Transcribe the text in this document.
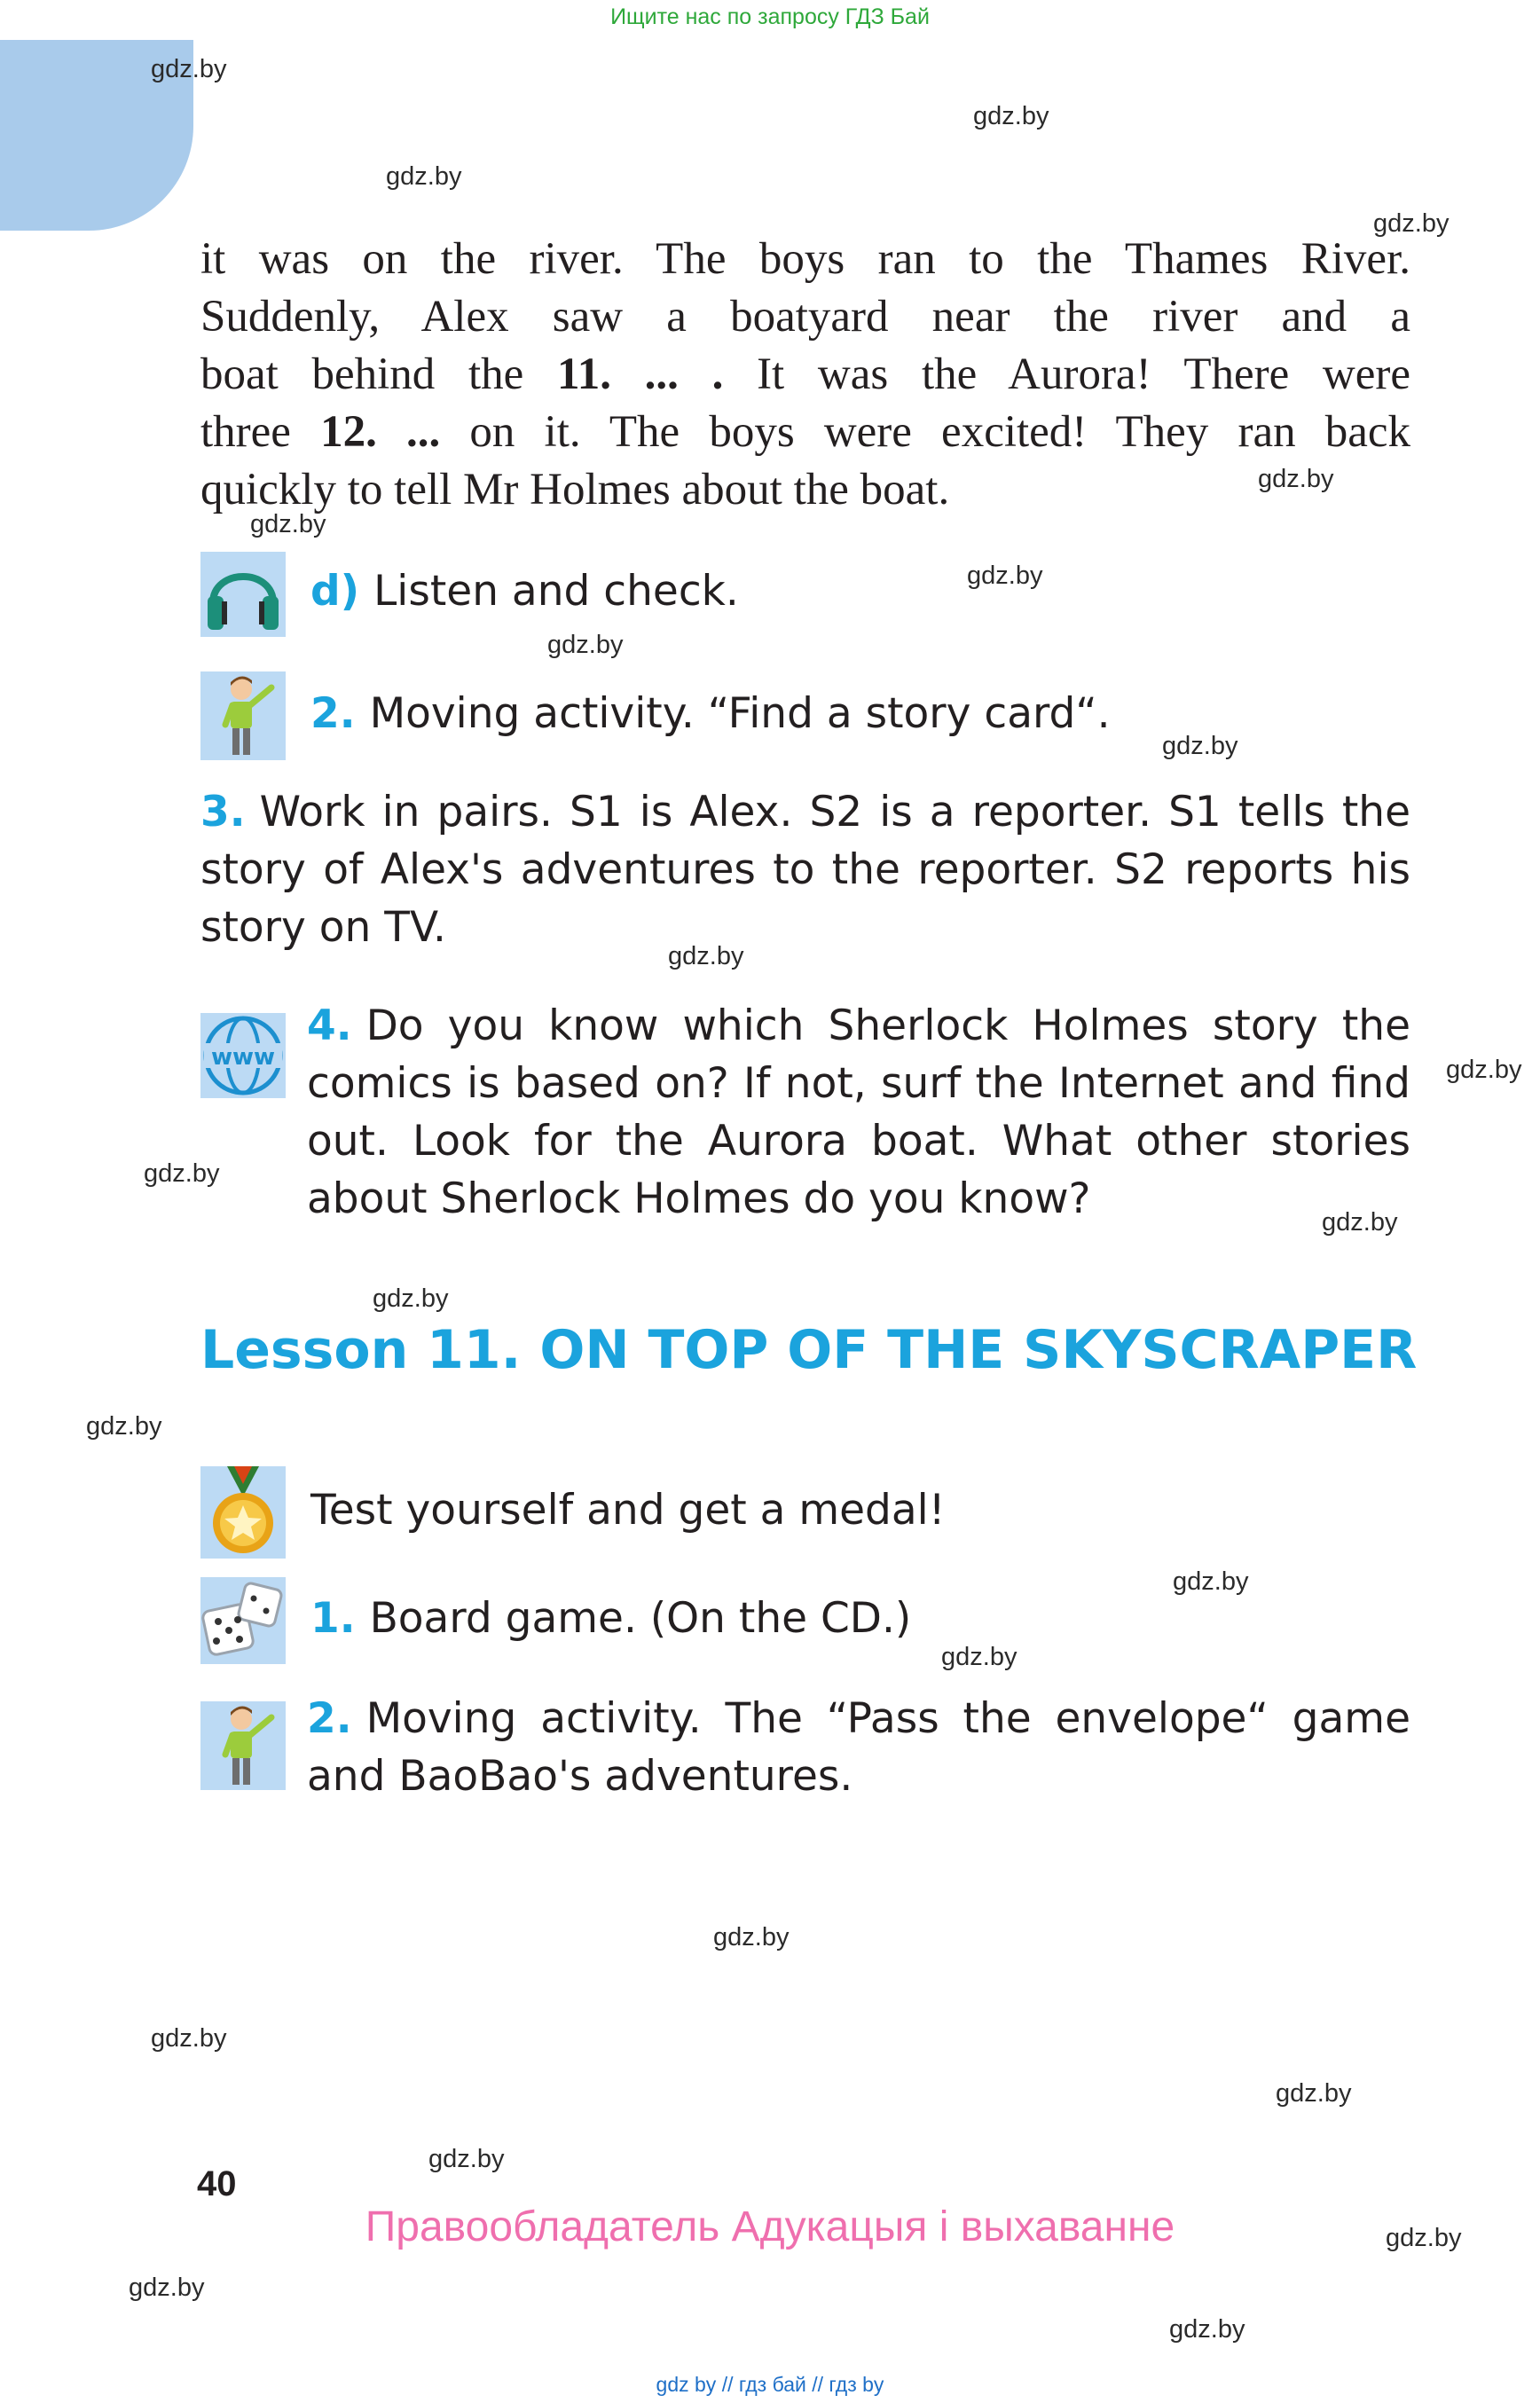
Ищите нас по запросу ГДЗ Бай
gdz.by
gdz.by
gdz.by
gdz.by
gdz.by
gdz.by
gdz.by
gdz.by
gdz.by
gdz.by
gdz.by
gdz.by
gdz.by
gdz.by
gdz.by
gdz.by
gdz.by
gdz.by
gdz.by
gdz.by
gdz.by
gdz.by
gdz.by
gdz.by

it was on the river. The boys ran to the Thames River.

Suddenly, Alex saw a boatyard near the river and a

boat behind the 11. ... . It was the Aurora! There were

three 12. ... on it. The boys were excited! They ran back

quickly to tell Mr Holmes about the boat.

d) Listen and check.
2. Moving activity. “Find a story card“.

3. Work in pairs. S1 is Alex. S2 is a reporter. S1 tells the

story of Alex's adventures to the reporter. S2 reports his

story on TV.

www

4. Do you know which Sherlock Holmes story the

comics is based on? If not, surf the Internet and find

out. Look for the Aurora boat. What other stories

about Sherlock Holmes do you know?

Lesson 11. ON TOP OF THE SKYSCRAPER
Test yourself and get a medal!
1. Board game. (On the CD.)

2. Moving activity. The “Pass the envelope“ game

and BaoBao's adventures.

40
Правообладатель Адукацыя і выхаванне
gdz by // гдз бай // гдз by
